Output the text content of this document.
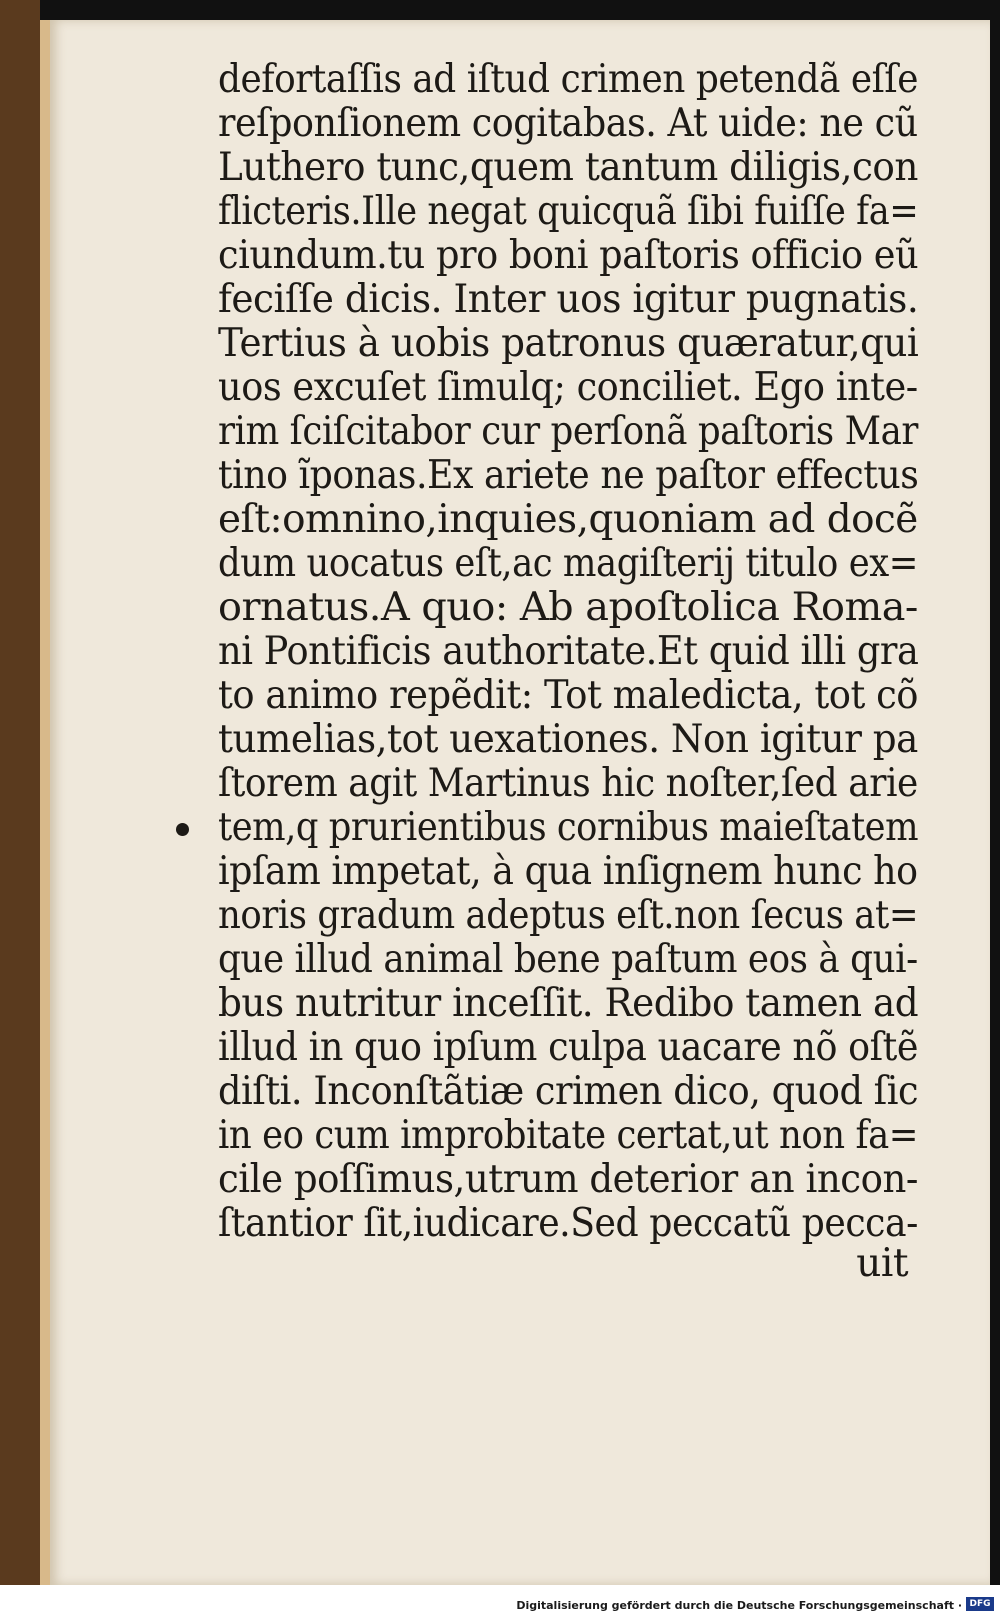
defortaſſis ad iſtud crimen petendã eſſe
reſponſionem cogitabas. At uide: ne cũ
Luthero tunc,quem tantum diligis,con
flicteris.Ille negat quicquã ſibi fuiſſe fa=
ciundum.tu pro boni paſtoris officio eũ
feciſſe dicis. Inter uos igitur pugnatis.
Tertius à uobis patronus quæratur,qui
uos excuſet ſimulq; conciliet. Ego inte-
rim ſciſcitabor cur perſonã paſtoris Mar
tino ĩponas.Ex ariete ne paſtor effectus
eſt:omnino,inquies,quoniam ad docẽ
dum uocatus eſt,ac magiſterij titulo ex=
ornatus.A quo: Ab apoſtolica Roma-
ni Pontificis authoritate.Et quid illi gra
to animo repẽdit: Tot maledicta, tot cõ
tumelias,tot uexationes. Non igitur pa
ſtorem agit Martinus hic noſter,ſed arie
tem,q prurientibus cornibus maieſtatem
ipſam impetat, à qua inſignem hunc ho
noris gradum adeptus eſt.non ſecus at=
que illud animal bene paſtum eos à qui-
bus nutritur inceſſit. Redibo tamen ad
illud in quo ipſum culpa uacare nõ oſtẽ
diſti. Inconſtãtiæ crimen dico, quod ſic
in eo cum improbitate certat,ut non fa=
cile poſſimus,utrum deterior an incon-
ſtantior ſit,iudicare.Sed peccatũ pecca-
uit
Digitalisierung gefördert durch die Deutsche Forschungsgemeinschaft · DFG
